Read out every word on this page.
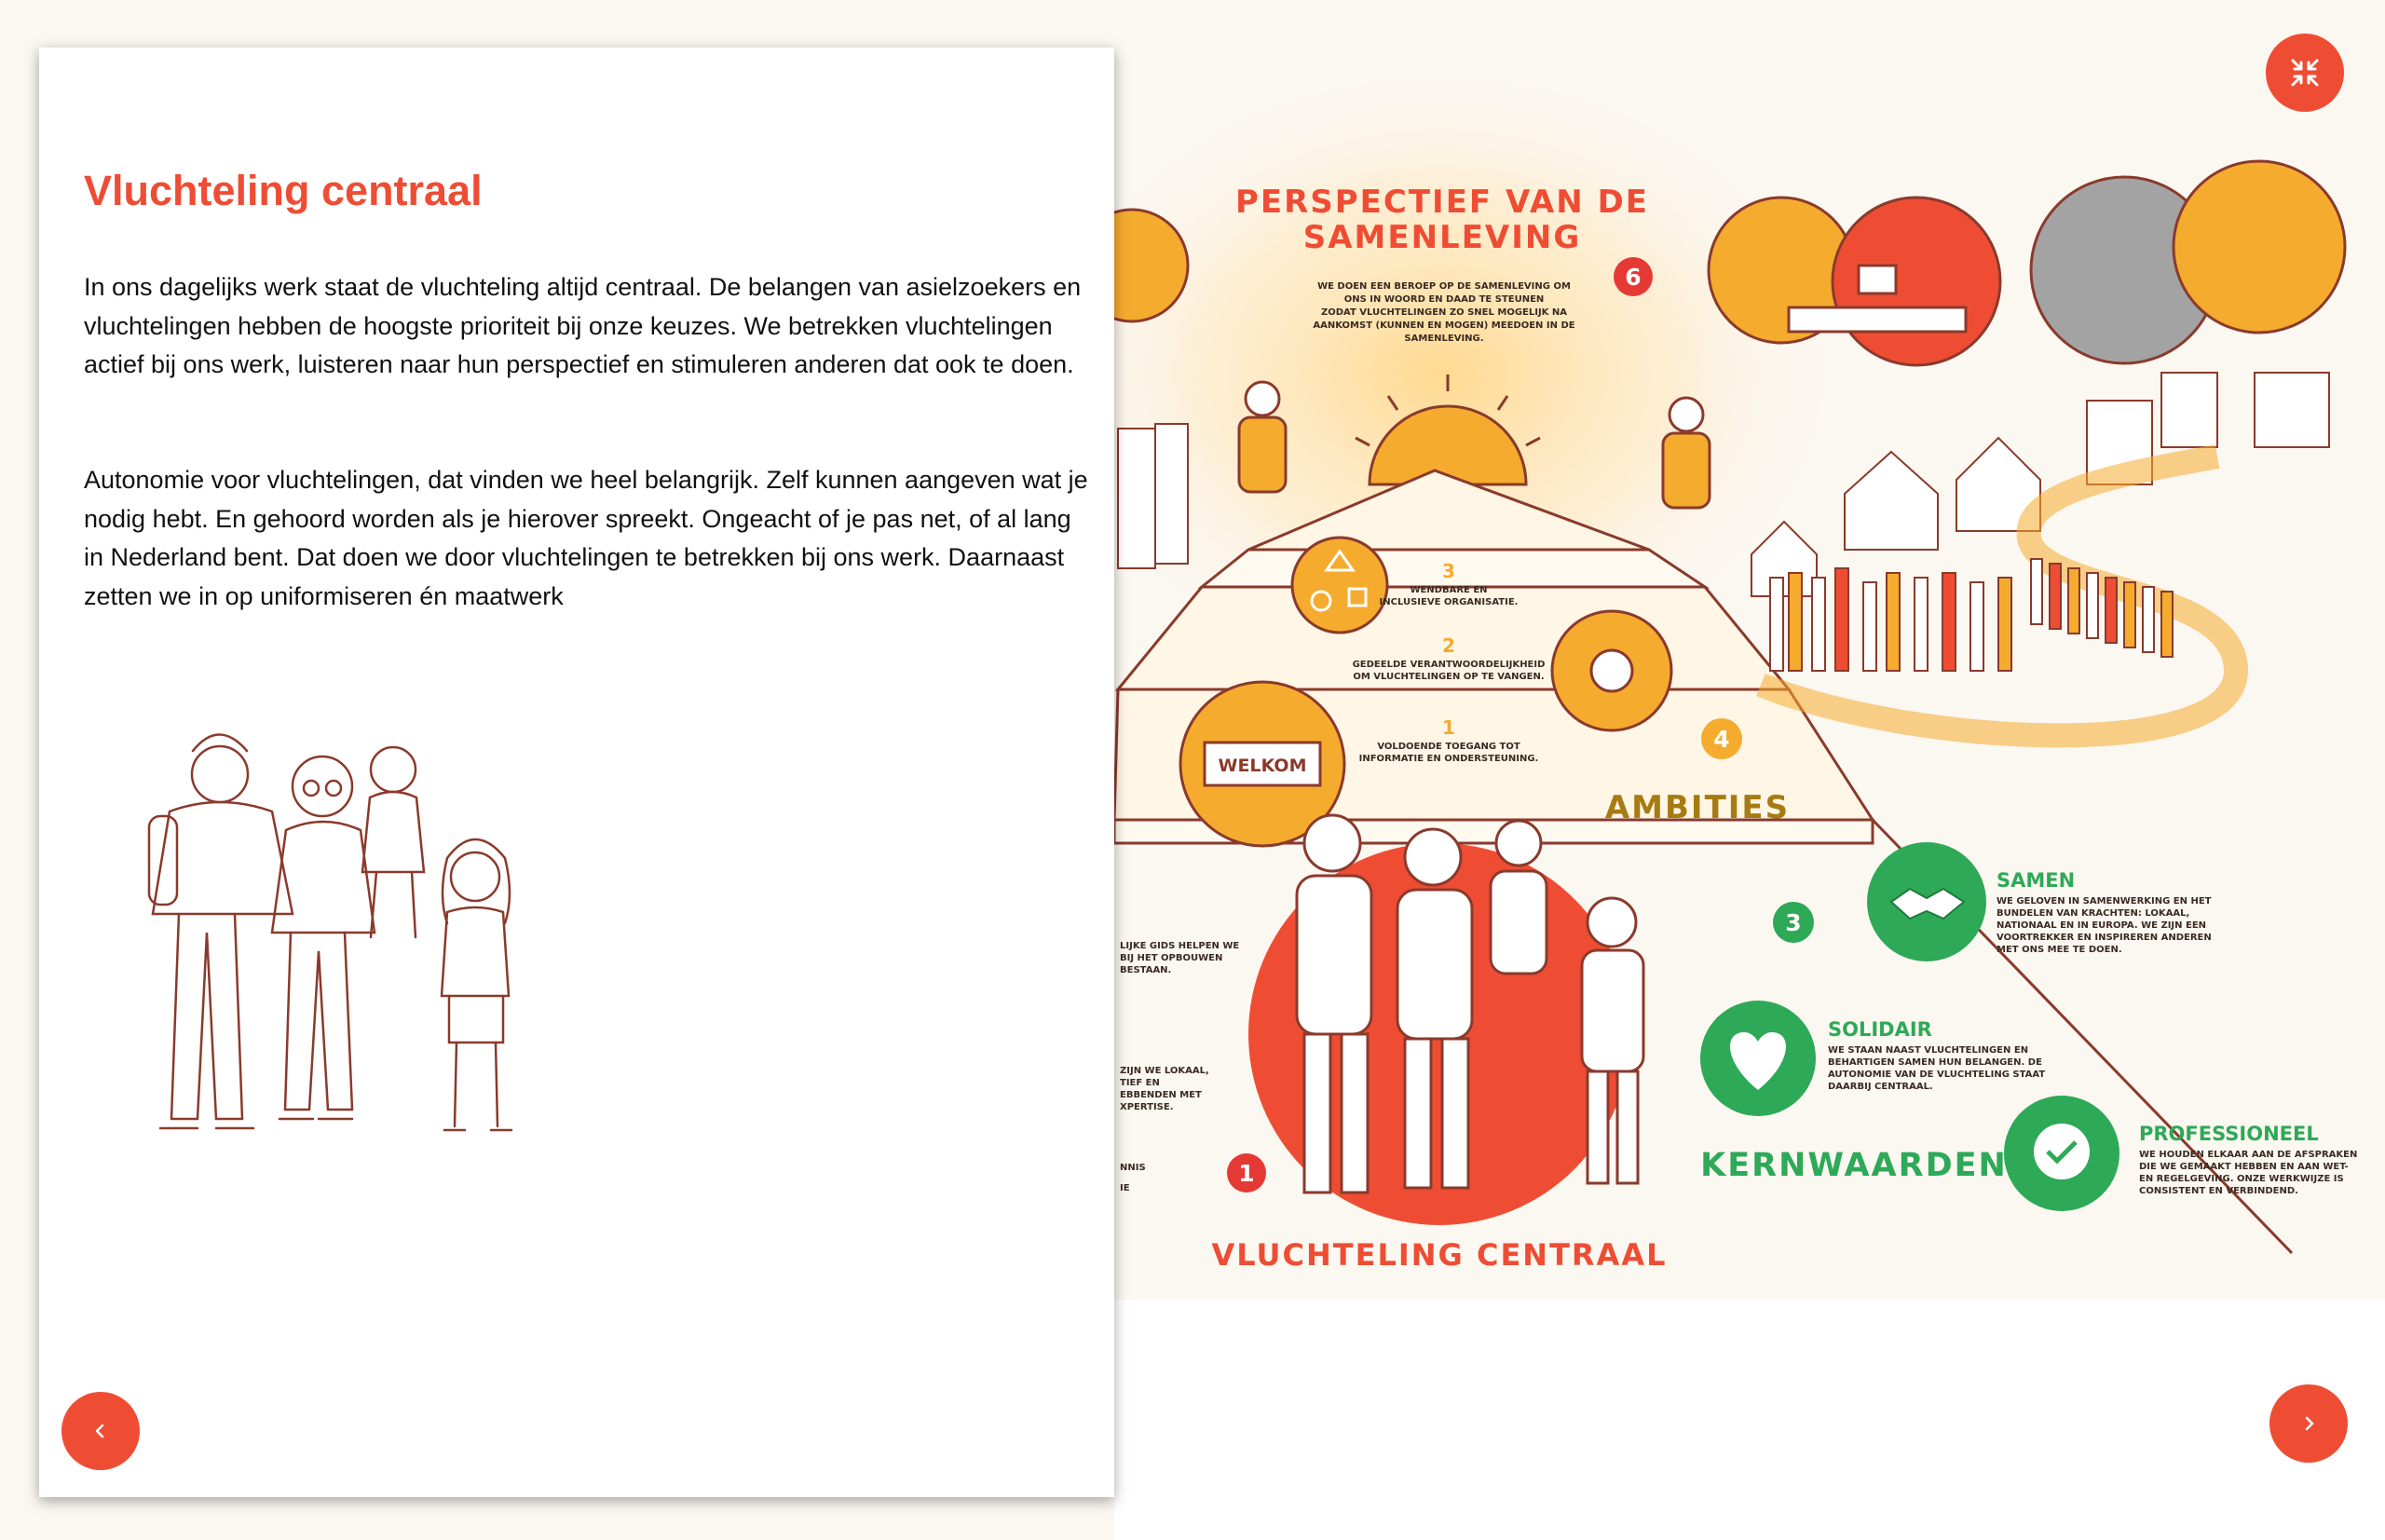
PERSPECTIEF VAN DE
SAMENLEVING
WE DOEN EEN BEROEP OP DE SAMENLEVING OM
ONS IN WOORD EN DAAD TE STEUNEN
ZODAT VLUCHTELINGEN ZO SNEL MOGELIJK NA
AANKOMST (KUNNEN EN MOGEN) MEEDOEN IN DE
SAMENLEVING.
6
WELKOM
3
WENDBARE EN
INCLUSIEVE ORGANISATIE.
2
GEDEELDE VERANTWOORDELIJKHEID
OM VLUCHTELINGEN OP TE VANGEN.
1
VOLDOENDE TOEGANG TOT
INFORMATIE EN ONDERSTEUNING.
4
AMBITIES
3
SAMEN
WE GELOVEN IN SAMENWERKING EN HET
BUNDELEN VAN KRACHTEN: LOKAAL,
NATIONAAL EN IN EUROPA. WE ZIJN EEN
VOORTREKKER EN INSPIREREN ANDEREN
MET ONS MEE TE DOEN.
SOLIDAIR
WE STAAN NAAST VLUCHTELINGEN EN
BEHARTIGEN SAMEN HUN BELANGEN. DE
AUTONOMIE VAN DE VLUCHTELING STAAT
DAARBIJ CENTRAAL.
PROFESSIONEEL
WE HOUDEN ELKAAR AAN DE AFSPRAKEN
DIE WE GEMAAKT HEBBEN EN AAN WET-
EN REGELGEVING. ONZE WERKWIJZE IS
CONSISTENT EN VERBINDEND.
KERNWAARDEN
1
VLUCHTELING CENTRAAL
LIJKE GIDS HELPEN WE
BIJ HET OPBOUWEN
BESTAAN.
ZIJN WE LOKAAL,
TIEF EN
EBBENDEN MET
XPERTISE.
NNIS
IE
Vluchteling centraal

In ons dagelijks werk staat de vluchteling altijd centraal. De belangen van asielzoekers en vluchtelingen hebben de hoogste prioriteit bij onze keuzes. We betrekken vluchtelingen actief bij ons werk, luisteren naar hun perspectief en stimuleren anderen dat ook te doen.

Autonomie voor vluchtelingen, dat vinden we heel belangrijk. Zelf kunnen aangeven wat je nodig hebt. En gehoord worden als je hierover spreekt. Ongeacht of je pas net, of al lang in Nederland bent. Dat doen we door vluchtelingen te betrekken bij ons werk. Daarnaast zetten we in op uniformiseren én maatwerk
